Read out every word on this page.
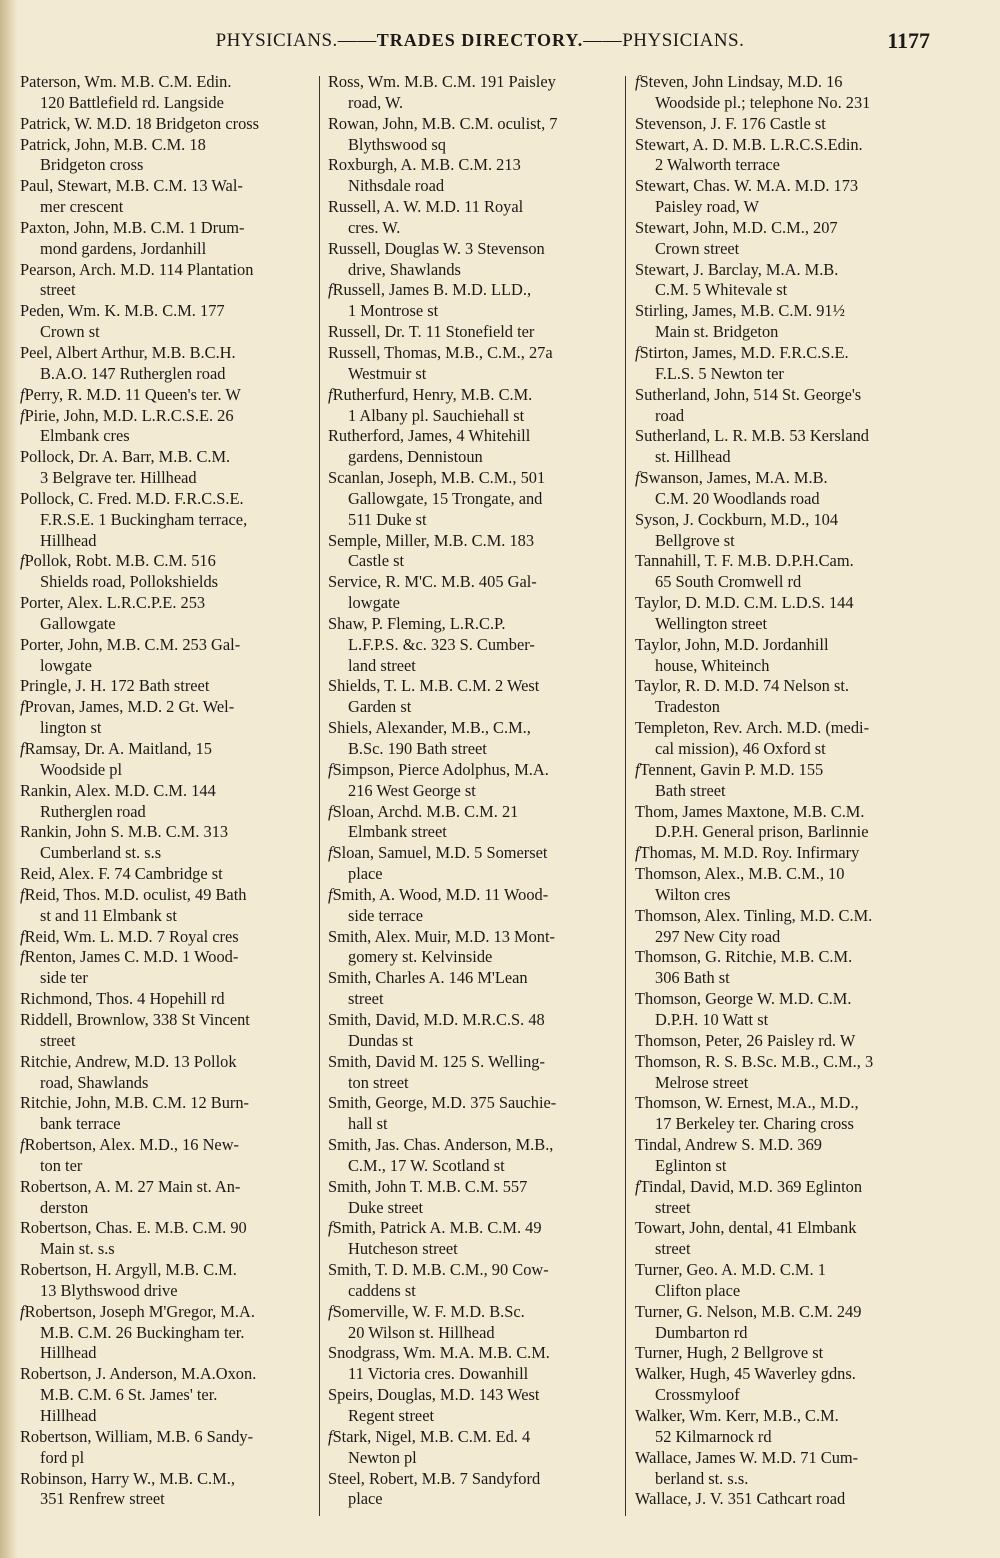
PHYSICIANS.——TRADES DIRECTORY.——PHYSICIANS.	1177
Paterson, Wm. M.B. C.M. Edin.
120 Battlefield rd. Langside
Patrick, W. M.D. 18 Bridgeton cross
Patrick, John, M.B. C.M. 18
Bridgeton cross
Paul, Stewart, M.B. C.M. 13 Wal-
mer crescent
Paxton, John, M.B. C.M. 1 Drum-
mond gardens, Jordanhill
Pearson, Arch. M.D. 114 Plantation
street
Peden, Wm. K. M.B. C.M. 177
Crown st
Peel, Albert Arthur, M.B. B.C.H.
B.A.O. 147 Rutherglen road
fPerry, R. M.D. 11 Queen's ter. W
fPirie, John, M.D. L.R.C.S.E. 26
Elmbank cres
Pollock, Dr. A. Barr, M.B. C.M.
3 Belgrave ter. Hillhead
Pollock, C. Fred. M.D. F.R.C.S.E.
F.R.S.E. 1 Buckingham terrace,
Hillhead
fPollok, Robt. M.B. C.M. 516
Shields road, Pollokshields
Porter, Alex. L.R.C.P.E. 253
Gallowgate
Porter, John, M.B. C.M. 253 Gal-
lowgate
Pringle, J. H. 172 Bath street
fProvan, James, M.D. 2 Gt. Wel-
lington st
fRamsay, Dr. A. Maitland, 15
Woodside pl
Rankin, Alex. M.D. C.M. 144
Rutherglen road
Rankin, John S. M.B. C.M. 313
Cumberland st. s.s
Reid, Alex. F. 74 Cambridge st
fReid, Thos. M.D. oculist, 49 Bath
st and 11 Elmbank st
fReid, Wm. L. M.D. 7 Royal cres
fRenton, James C. M.D. 1 Wood-
side ter
Richmond, Thos. 4 Hopehill rd
Riddell, Brownlow, 338 St Vincent
street
Ritchie, Andrew, M.D. 13 Pollok
road, Shawlands
Ritchie, John, M.B. C.M. 12 Burn-
bank terrace
fRobertson, Alex. M.D., 16 New-
ton ter
Robertson, A. M. 27 Main st. An-
derston
Robertson, Chas. E. M.B. C.M. 90
Main st. s.s
Robertson, H. Argyll, M.B. C.M.
13 Blythswood drive
fRobertson, Joseph M'Gregor, M.A.
M.B. C.M. 26 Buckingham ter.
Hillhead
Robertson, J. Anderson, M.A.Oxon.
M.B. C.M. 6 St. James' ter.
Hillhead
Robertson, William, M.B. 6 Sandy-
ford pl
Robinson, Harry W., M.B. C.M.,
351 Renfrew street
Ross, Wm. M.B. C.M. 191 Paisley
road, W.
Rowan, John, M.B. C.M. oculist, 7
Blythswood sq
Roxburgh, A. M.B. C.M. 213
Nithsdale road
Russell, A. W. M.D. 11 Royal
cres. W.
Russell, Douglas W. 3 Stevenson
drive, Shawlands
fRussell, James B. M.D. LLD.,
1 Montrose st
Russell, Dr. T. 11 Stonefield ter
Russell, Thomas, M.B., C.M., 27a
Westmuir st
fRutherfurd, Henry, M.B. C.M.
1 Albany pl. Sauchiehall st
Rutherford, James, 4 Whitehill
gardens, Dennistoun
Scanlan, Joseph, M.B. C.M., 501
Gallowgate, 15 Trongate, and
511 Duke st
Semple, Miller, M.B. C.M. 183
Castle st
Service, R. M'C. M.B. 405 Gal-
lowgate
Shaw, P. Fleming, L.R.C.P.
L.F.P.S. &c. 323 S. Cumber-
land street
Shields, T. L. M.B. C.M. 2 West
Garden st
Shiels, Alexander, M.B., C.M.,
B.Sc. 190 Bath street
fSimpson, Pierce Adolphus, M.A.
216 West George st
fSloan, Archd. M.B. C.M. 21
Elmbank street
fSloan, Samuel, M.D. 5 Somerset
place
fSmith, A. Wood, M.D. 11 Wood-
side terrace
Smith, Alex. Muir, M.D. 13 Mont-
gomery st. Kelvinside
Smith, Charles A. 146 M'Lean
street
Smith, David, M.D. M.R.C.S. 48
Dundas st
Smith, David M. 125 S. Welling-
ton street
Smith, George, M.D. 375 Sauchie-
hall st
Smith, Jas. Chas. Anderson, M.B.,
C.M., 17 W. Scotland st
Smith, John T. M.B. C.M. 557
Duke street
fSmith, Patrick A. M.B. C.M. 49
Hutcheson street
Smith, T. D. M.B. C.M., 90 Cow-
caddens st
fSomerville, W. F. M.D. B.Sc.
20 Wilson st. Hillhead
Snodgrass, Wm. M.A. M.B. C.M.
11 Victoria cres. Dowanhill
Speirs, Douglas, M.D. 143 West
Regent street
fStark, Nigel, M.B. C.M. Ed. 4
Newton pl
Steel, Robert, M.B. 7 Sandyford
place
fSteven, John Lindsay, M.D. 16
Woodside pl.; telephone No. 231
Stevenson, J. F. 176 Castle st
Stewart, A. D. M.B. L.R.C.S.Edin.
2 Walworth terrace
Stewart, Chas. W. M.A. M.D. 173
Paisley road, W
Stewart, John, M.D. C.M., 207
Crown street
Stewart, J. Barclay, M.A. M.B.
C.M. 5 Whitevale st
Stirling, James, M.B. C.M. 91½
Main st. Bridgeton
fStirton, James, M.D. F.R.C.S.E.
F.L.S. 5 Newton ter
Sutherland, John, 514 St. George's
road
Sutherland, L. R. M.B. 53 Kersland
st. Hillhead
fSwanson, James, M.A. M.B.
C.M. 20 Woodlands road
Syson, J. Cockburn, M.D., 104
Bellgrove st
Tannahill, T. F. M.B. D.P.H.Cam.
65 South Cromwell rd
Taylor, D. M.D. C.M. L.D.S. 144
Wellington street
Taylor, John, M.D. Jordanhill
house, Whiteinch
Taylor, R. D. M.D. 74 Nelson st.
Tradeston
Templeton, Rev. Arch. M.D. (medi-
cal mission), 46 Oxford st
fTennent, Gavin P. M.D. 155
Bath street
Thom, James Maxtone, M.B. C.M.
D.P.H. General prison, Barlinnie
fThomas, M. M.D. Roy. Infirmary
Thomson, Alex., M.B. C.M., 10
Wilton cres
Thomson, Alex. Tinling, M.D. C.M.
297 New City road
Thomson, G. Ritchie, M.B. C.M.
306 Bath st
Thomson, George W. M.D. C.M.
D.P.H. 10 Watt st
Thomson, Peter, 26 Paisley rd. W
Thomson, R. S. B.Sc. M.B., C.M., 3
Melrose street
Thomson, W. Ernest, M.A., M.D.,
17 Berkeley ter. Charing cross
Tindal, Andrew S. M.D. 369
Eglinton st
fTindal, David, M.D. 369 Eglinton
street
Towart, John, dental, 41 Elmbank
street
Turner, Geo. A. M.D. C.M. 1
Clifton place
Turner, G. Nelson, M.B. C.M. 249
Dumbarton rd
Turner, Hugh, 2 Bellgrove st
Walker, Hugh, 45 Waverley gdns.
Crossmyloof
Walker, Wm. Kerr, M.B., C.M.
52 Kilmarnock rd
Wallace, James W. M.D. 71 Cum-
berland st. s.s.
Wallace, J. V. 351 Cathcart road
